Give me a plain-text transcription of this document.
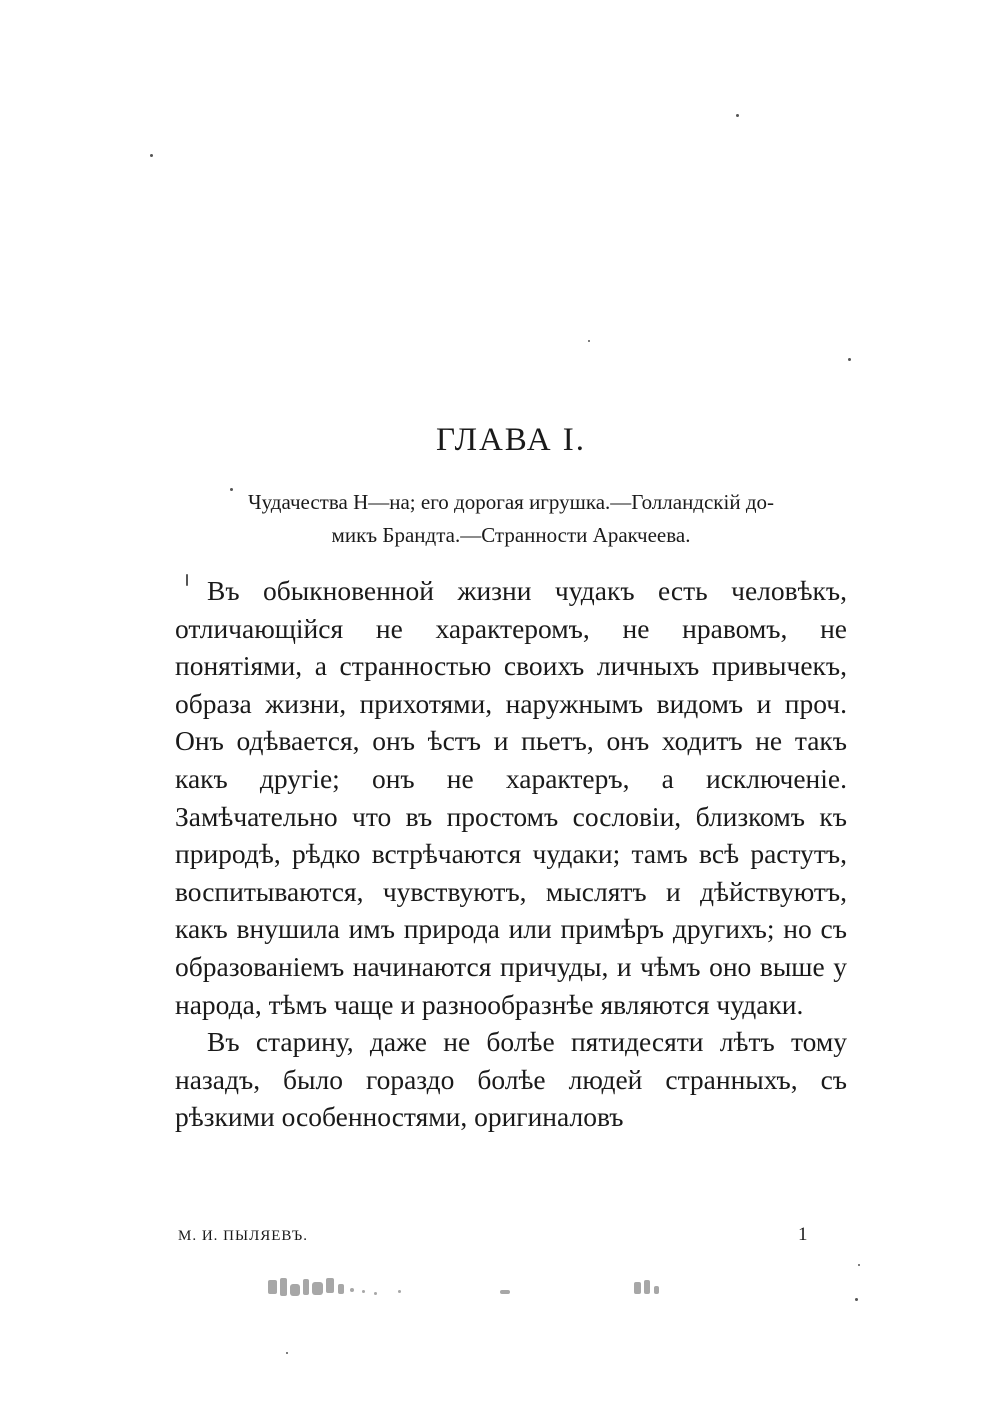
ГЛАВА I.
Чудачества Н—на; его дорогая игрушка.—Голландскій до-
микъ Брандта.—Странности Аракчеева.

Въ обыкновенной жизни чудакъ есть человѣкъ, отличающійся не характеромъ, не нравомъ, не понятіями, а странностью своихъ личныхъ привычекъ, образа жизни, прихотями, наружнымъ видомъ и проч. Онъ одѣвается, онъ ѣстъ и пьетъ, онъ ходитъ не такъ какъ другіе; онъ не характеръ, а исключеніе. Замѣчательно что въ простомъ сословіи, близкомъ къ природѣ, рѣдко встрѣчаются чудаки; тамъ всѣ растутъ, воспитываются, чувствуютъ, мыслятъ и дѣйствуютъ, какъ внушила имъ природа или примѣръ другихъ; но съ образованіемъ начинаются причуды, и чѣмъ оно выше у народа, тѣмъ чаще и разнообразнѣе являются чудаки.

Въ старину, даже не болѣе пятидесяти лѣтъ тому назадъ, было гораздо болѣе людей странныхъ, съ рѣзкими особенностями, оригиналовъ

М. И. ПЫЛЯЕВЪ.	1
